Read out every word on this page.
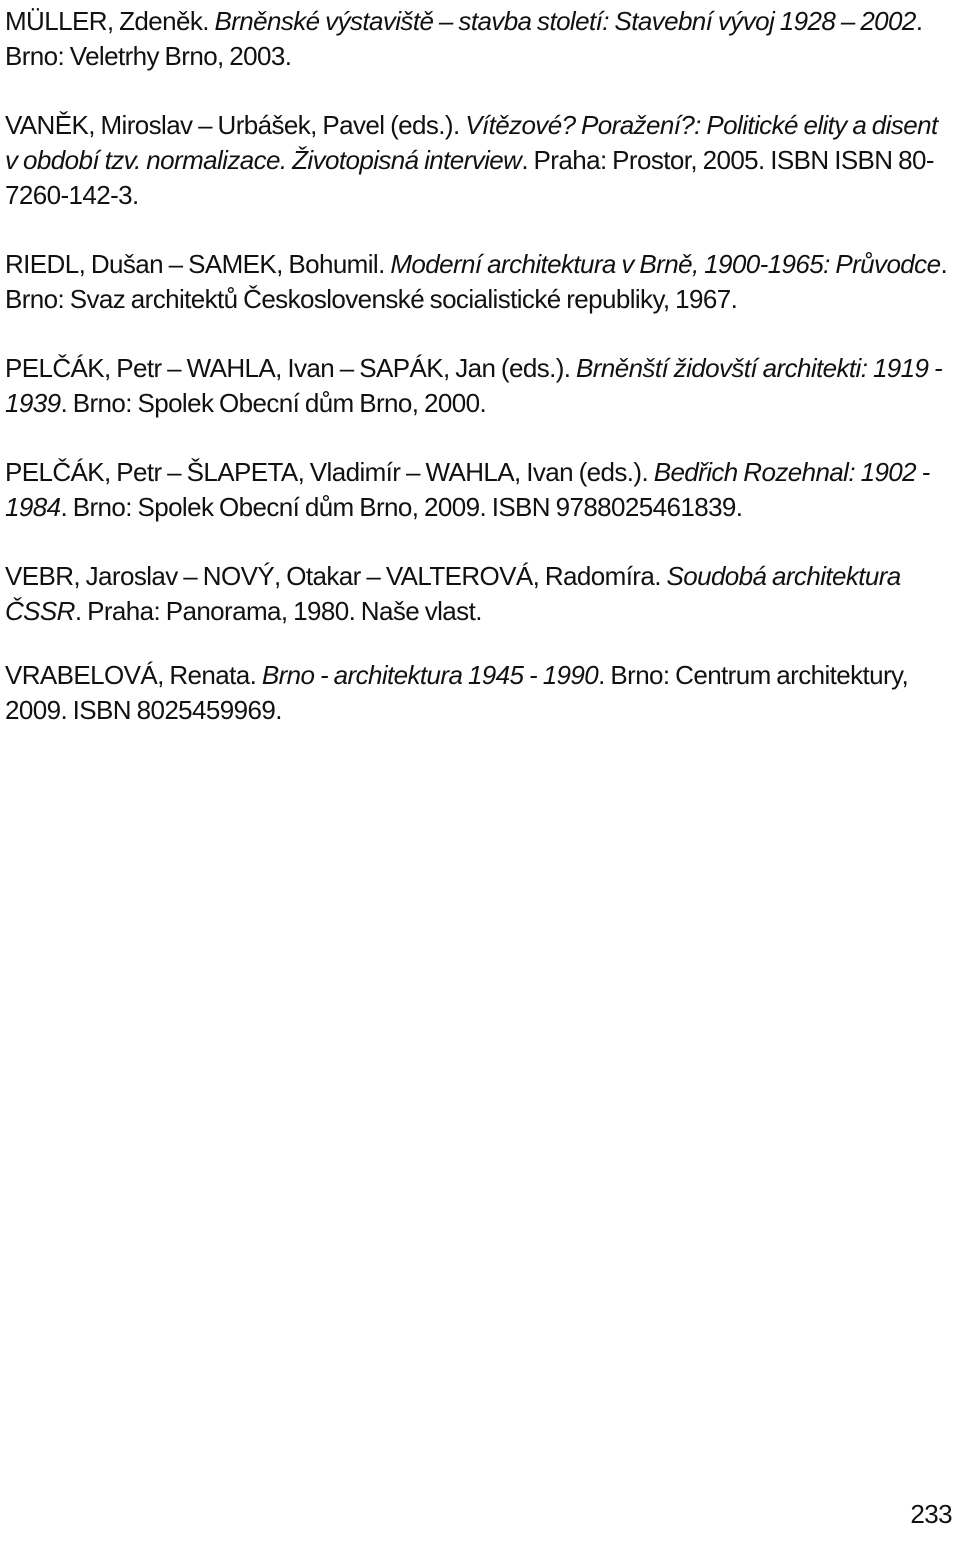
MÜLLER, Zdeněk. Brněnské výstaviště – stavba století: Stavební vývoj 1928 – 2002. Brno: Veletrhy Brno, 2003.

VANĚK, Miroslav – Urbášek, Pavel (eds.). Vítězové? Poražení?: Politické elity a disent v období tzv. normalizace. Životopisná interview. Praha: Prostor, 2005. ISBN ISBN 80-7260-142-3.

RIEDL, Dušan – SAMEK, Bohumil. Moderní architektura v Brně, 1900-1965: Průvodce. Brno: Svaz architektů Československé socialistické republiky, 1967.

PELČÁK, Petr – WAHLA, Ivan – SAPÁK, Jan (eds.). Brněnští židovští architekti: 1919 - 1939. Brno: Spolek Obecní dům Brno, 2000.

PELČÁK, Petr – ŠLAPETA, Vladimír – WAHLA, Ivan (eds.). Bedřich Rozehnal: 1902 - 1984. Brno: Spolek Obecní dům Brno, 2009. ISBN 9788025461839.

VEBR, Jaroslav – NOVÝ, Otakar – VALTEROVÁ, Radomíra. Soudobá architektura ČSSR. Praha: Panorama, 1980. Naše vlast.

VRABELOVÁ, Renata. Brno - architektura 1945 - 1990. Brno: Centrum architektury, 2009. ISBN 8025459969.

233
